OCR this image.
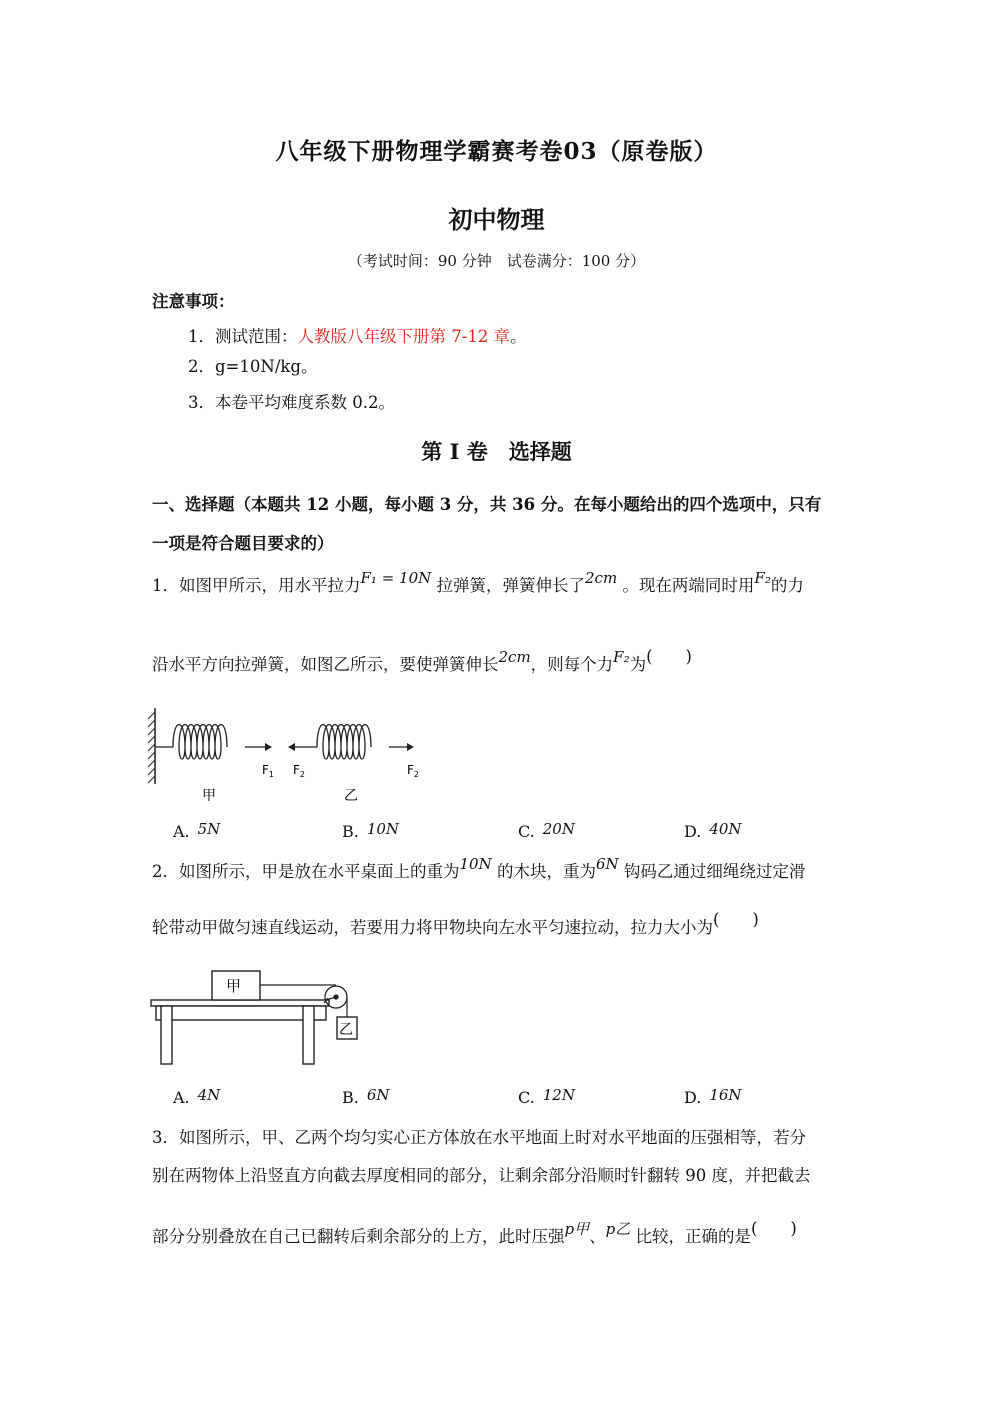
八年级下册物理学霸赛考卷03（原卷版）
初中物理
（考试时间：90 分钟　试卷满分：100 分）
注意事项：
1．测试范围：人教版八年级下册第 7-12 章。
2．g=10N/kg。
3．本卷平均难度系数 0.2。
第 I 卷　选择题
一、选择题（本题共 12 小题，每小题 3 分，共 36 分。在每小题给出的四个选项中，只有
一项是符合题目要求的）
1．如图甲所示，用水平拉力F₁ = 10N 拉弹簧，弹簧伸长了2cm 。现在两端同时用F₂的力
沿水平方向拉弹簧，如图乙所示，要使弹簧伸长2cm，则每个力F₂为(　　)
$F_1$
甲
$F_2$	$F_2$
乙
A. 5N	B. 10N	C. 20N	D. 40N
2．如图所示，甲是放在水平桌面上的重为10N 的木块，重为6N 钩码乙通过细绳绕过定滑
轮带动甲做匀速直线运动，若要用力将甲物块向左水平匀速拉动，拉力大小为(　　)
甲
乙
A. 4N	B. 6N	C. 12N	D. 16N
3．如图所示，甲、乙两个均匀实心正方体放在水平地面上时对水平地面的压强相等，若分
别在两物体上沿竖直方向截去厚度相同的部分，让剩余部分沿顺时针翻转 90 度，并把截去
部分分别叠放在自己已翻转后剩余部分的上方，此时压强p甲、p乙 比较，正确的是(　　)
